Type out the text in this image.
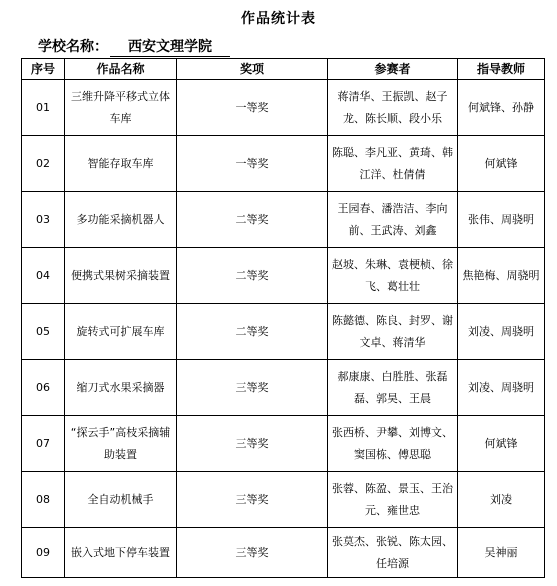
作品统计表
学校名称： 西安文理学院
序号	作品名称	奖项	参赛者	指导教师
01	三维升降平移式立体车库	一等奖	蒋清华、王振凯、赵子龙、陈长顺、段小乐	何斌锋、孙静
02	智能存取车库	一等奖	陈聪、李凡亚、黄琦、韩江洋、杜倩倩	何斌锋
03	多功能采摘机器人	二等奖	王园春、潘浩洁、李向前、王武涛、刘鑫	张伟、周骁明
04	便携式果树采摘装置	二等奖	赵坡、朱琳、袁梗桢、徐飞、葛壮壮	焦艳梅、周骁明
05	旋转式可扩展车库	二等奖	陈懿德、陈良、封罗、谢文卓、蒋清华	刘凌、周骁明
06	缩刀式水果采摘器	三等奖	郝康康、白胜胜、张磊磊、郭昊、王晨	刘凌、周骁明
07	“探云手”高枝采摘辅助装置	三等奖	张西桥、尹攀、刘博文、窦国栋、傅思聪	何斌锋
08	全自动机械手	三等奖	张蓉、陈盈、景玉、王治元、雍世忠	刘凌
09	嵌入式地下停车装置	三等奖	张莫杰、张锐、陈太园、任培源	吴神丽
